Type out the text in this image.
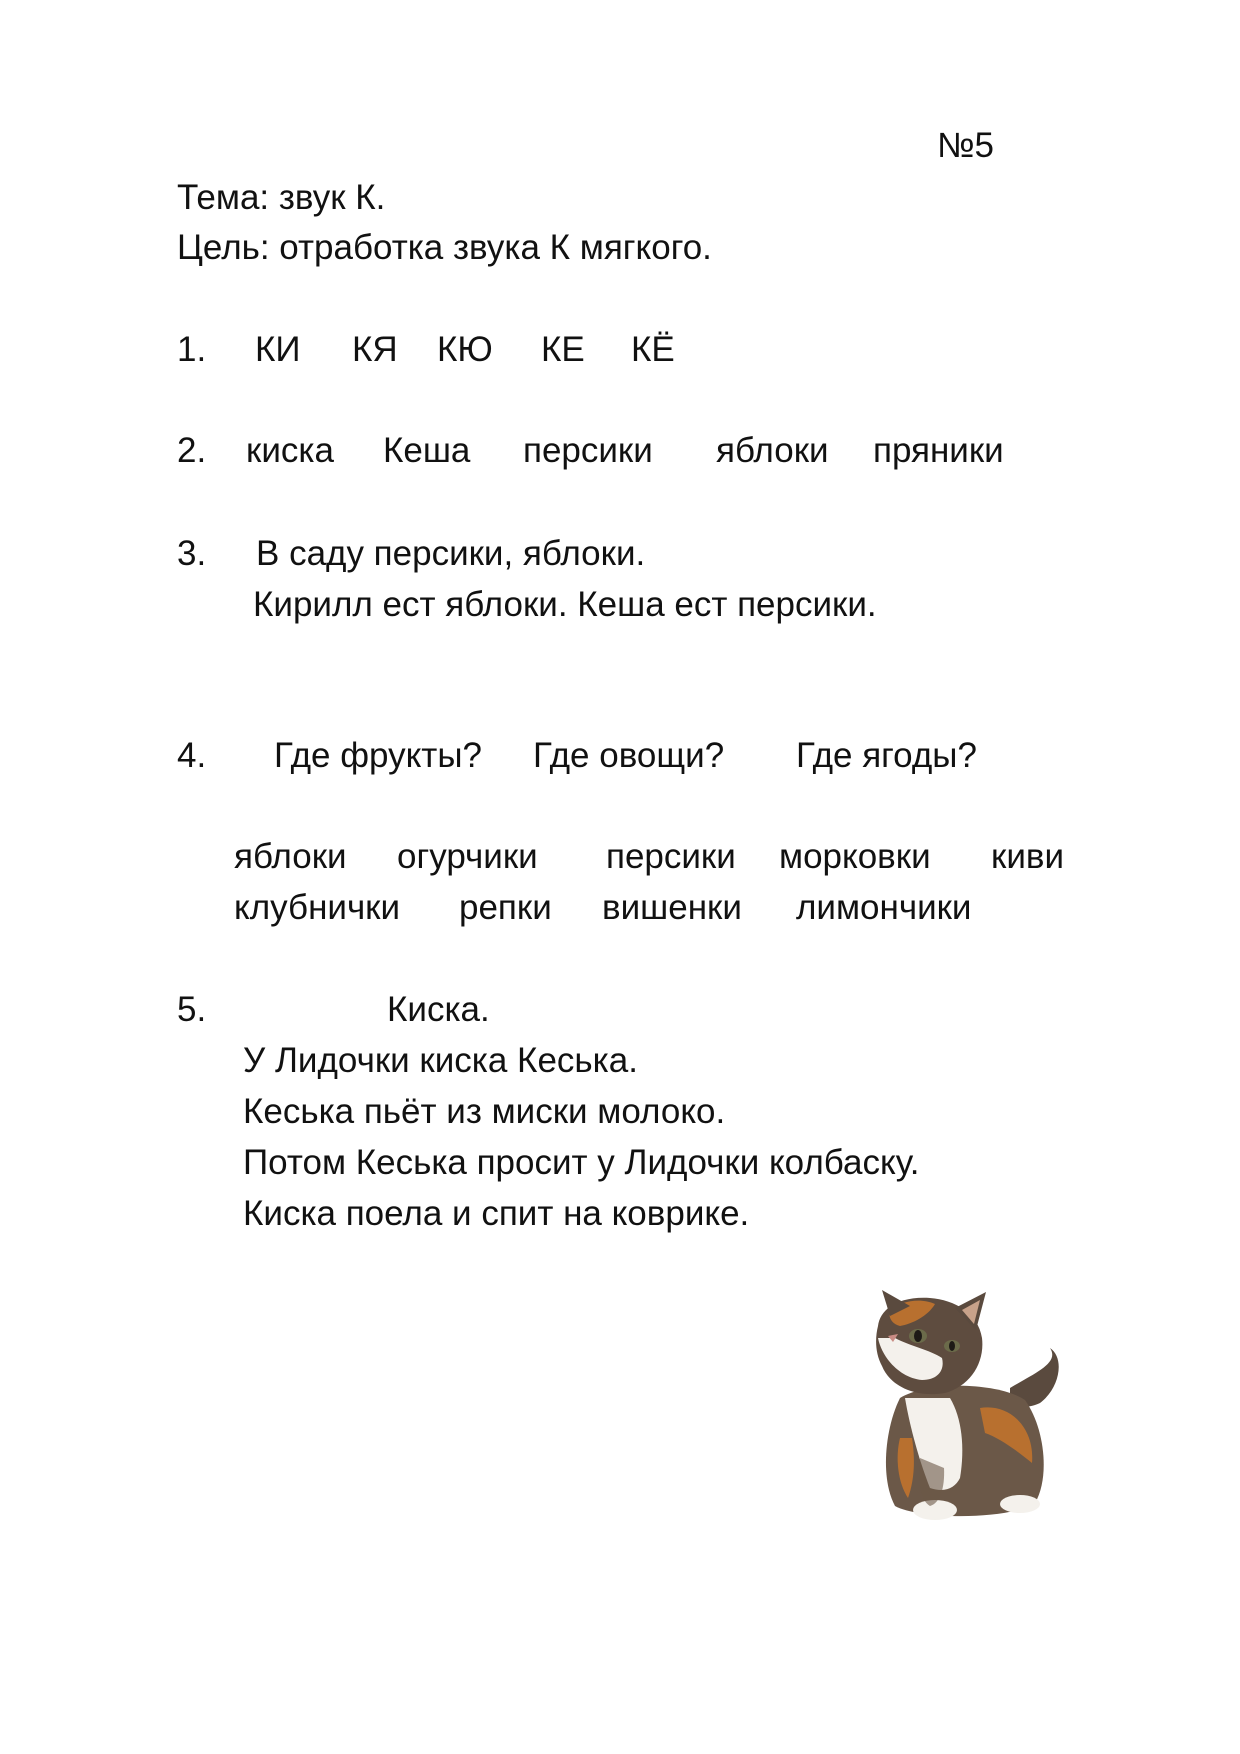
№5
Тема: звук К.
Цель: отработка звука К мягкого.
1. КИ КЯ КЮ КЕ КЁ
2. киска Кеша персики яблоки пряники
3. В саду персики, яблоки.
Кирилл ест яблоки. Кеша ест персики.
4. Где фрукты? Где овощи? Где ягоды?
яблоки огурчики персики морковки киви
клубнички репки вишенки лимончики
5.	Киска.
У Лидочки киска Кеська.
Кеська пьёт из миски молоко.
Потом Кеська просит у Лидочки колбаску.
Киска поела и спит на коврике.
